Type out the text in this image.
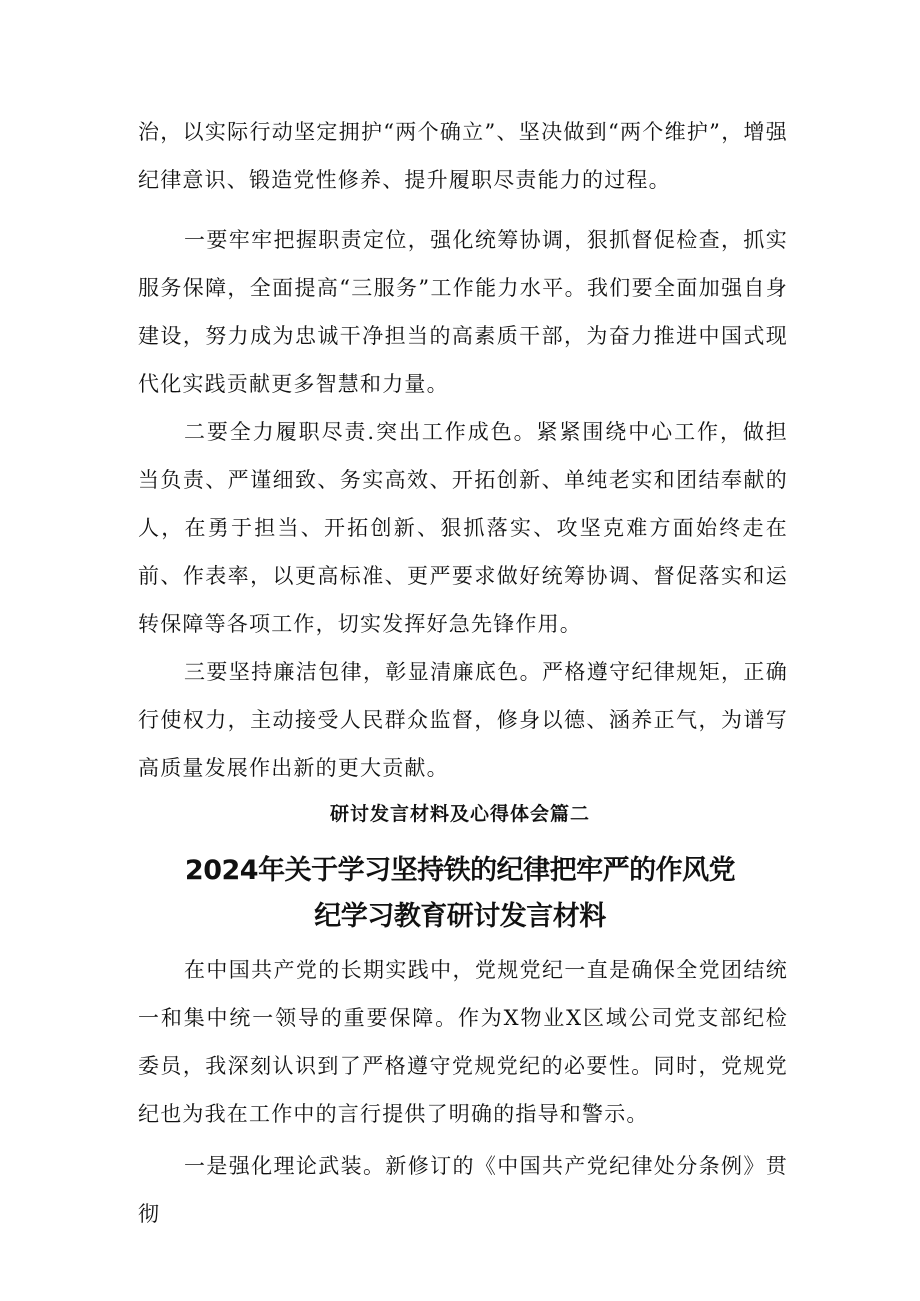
治，以实际行动坚定拥护“两个确立”、坚决做到“两个维护”，增强纪律意识、锻造党性修养、提升履职尽责能力的过程。

一要牢牢把握职责定位，强化统筹协调，狠抓督促检查，抓实服务保障，全面提高“三服务”工作能力水平。我们要全面加强自身建设，努力成为忠诚干净担当的高素质干部，为奋力推进中国式现代化实践贡献更多智慧和力量。

二要全力履职尽责.突出工作成色。紧紧围绕中心工作，做担当负责、严谨细致、务实高效、开拓创新、单纯老实和团结奉献的人，在勇于担当、开拓创新、狠抓落实、攻坚克难方面始终走在前、作表率，以更高标准、更严要求做好统筹协调、督促落实和运转保障等各项工作，切实发挥好急先锋作用。

三要坚持廉洁包律，彰显清廉底色。严格遵守纪律规矩，正确行使权力，主动接受人民群众监督，修身以德、涵养正气，为谱写高质量发展作出新的更大贡献。

研讨发言材料及心得体会篇二
2024年关于学习坚持铁的纪律把牢严的作风党
纪学习教育研讨发言材料

在中国共产党的长期实践中，党规党纪一直是确保全党团结统一和集中统一领导的重要保障。作为X物业X区域公司党支部纪检委员，我深刻认识到了严格遵守党规党纪的必要性。同时，党规党纪也为我在工作中的言行提供了明确的指导和警示。

一是强化理论武装。新修订的《中国共产党纪律处分条例》贯彻
